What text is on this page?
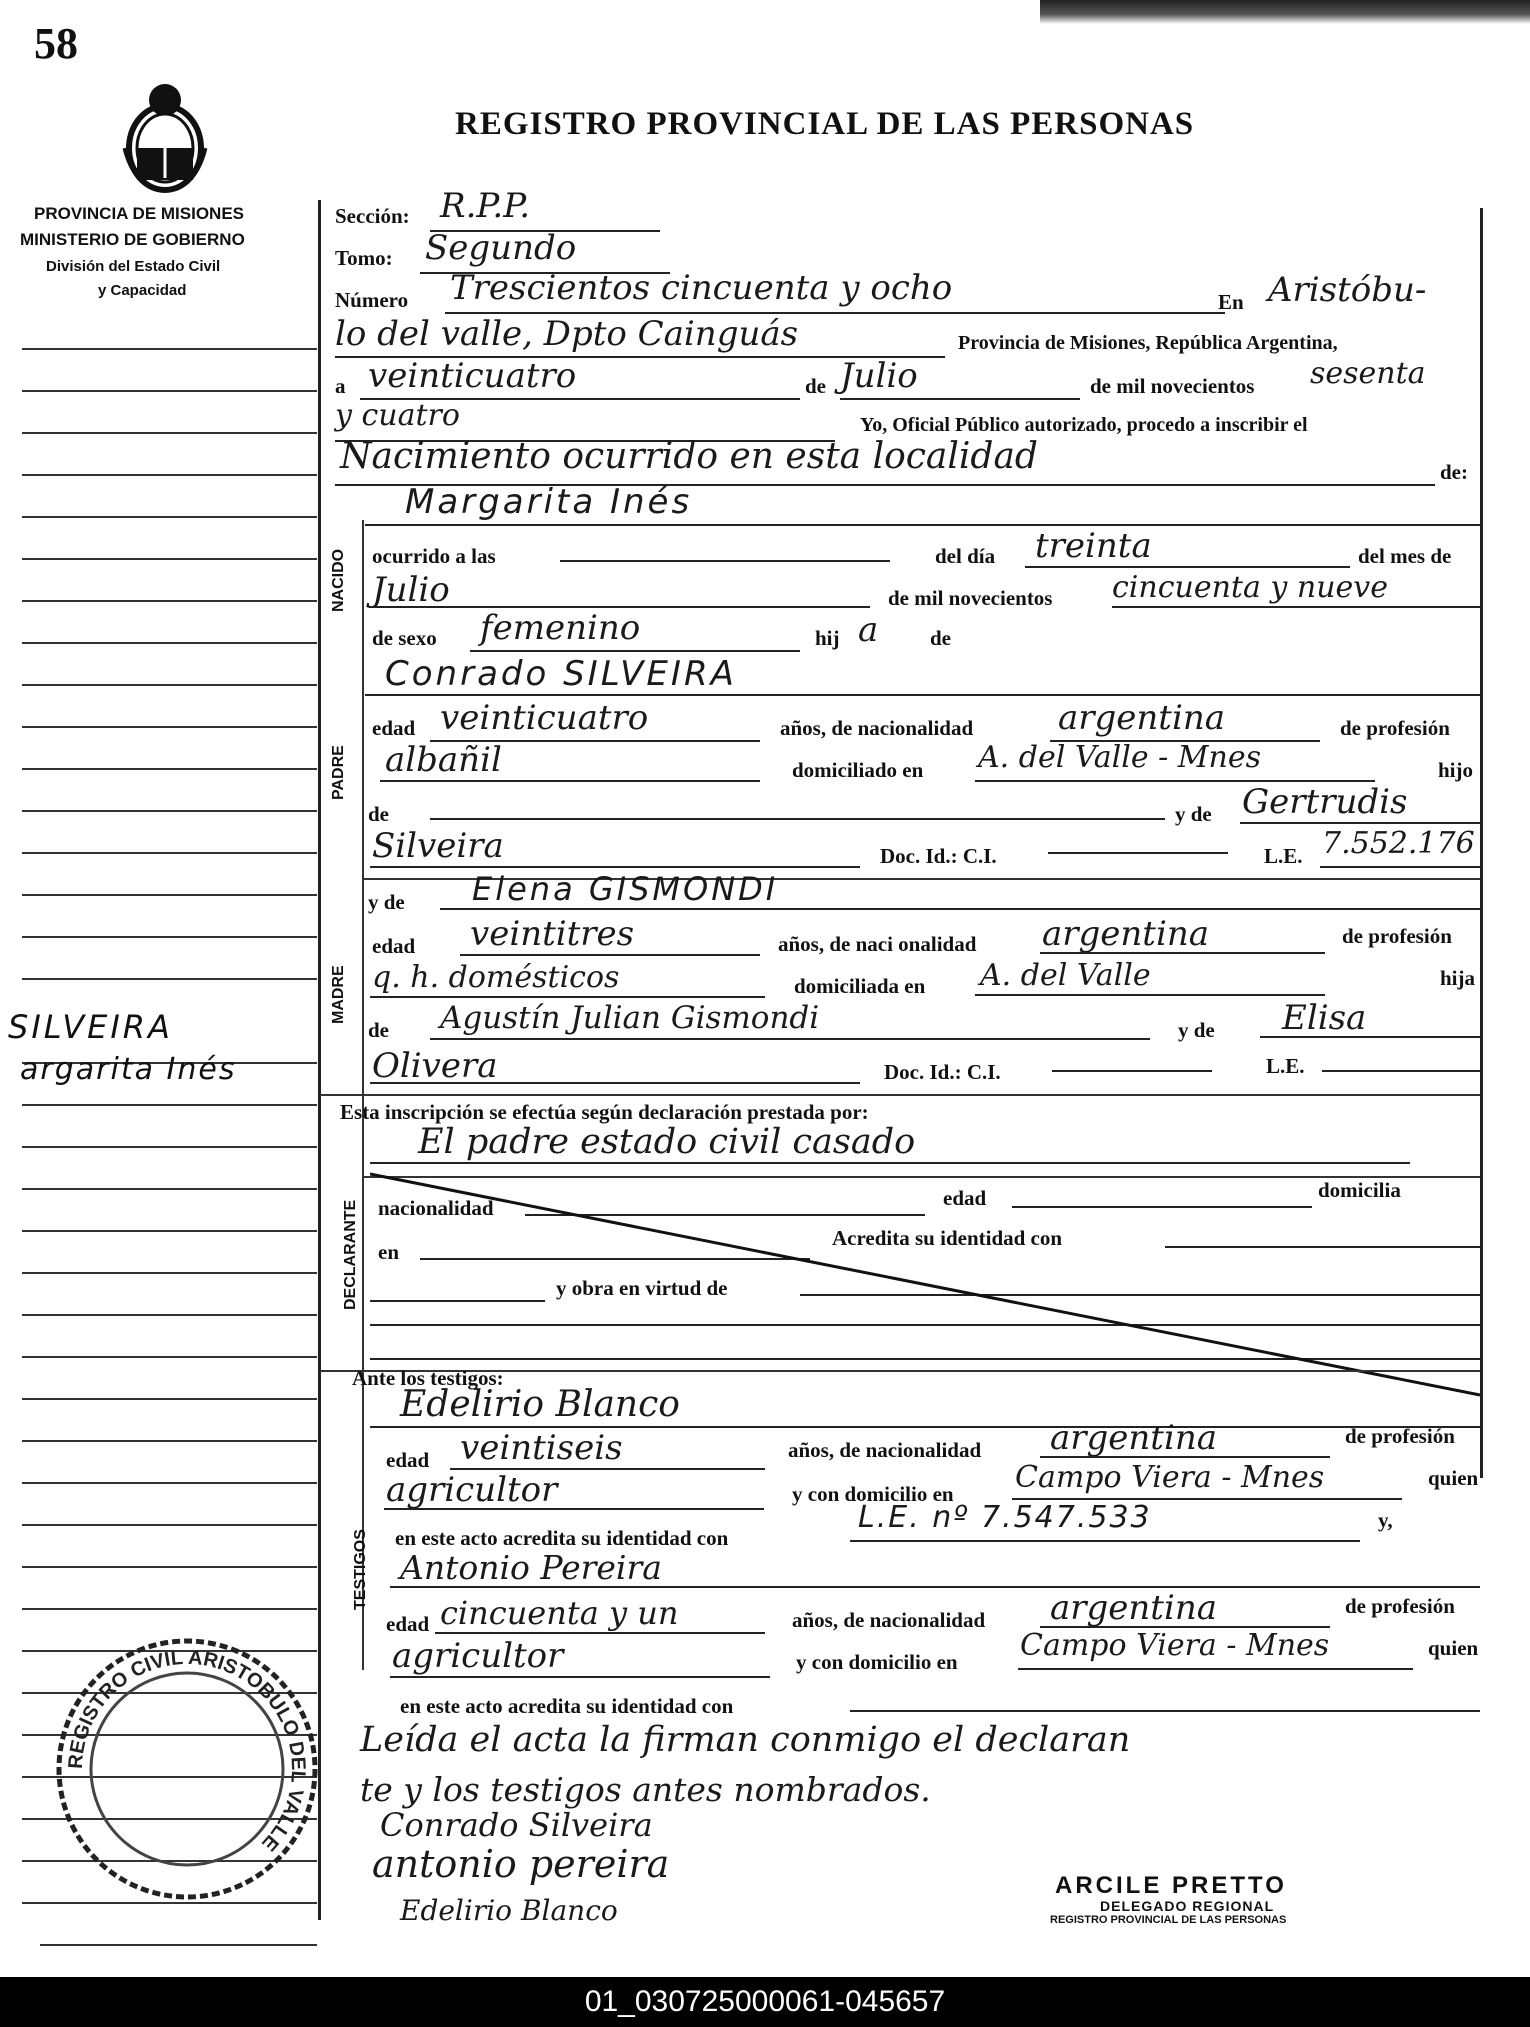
58
REGISTRO PROVINCIAL DE LAS PERSONAS
PROVINCIA DE MISIONES
MINISTERIO DE GOBIERNO
División del Estado Civil
y Capacidad
SILVEIRA
argarita Inés
NACIDO
PADRE
MADRE
DECLARANTE
TESTIGOS
Sección: R.P.P.
Tomo: Segundo
Número Trescientos cincuenta y ocho	En Aristóbu-
lo del valle, Dpto Cainguás	Provincia de Misiones, República Argentina,
a veinticuatro	de Julio	de mil novecientos sesenta
y cuatro	Yo, Oficial Público autorizado, procedo a inscribir el
Nacimiento ocurrido en esta localidad	de:
Margarita Inés
ocurrido a las	del día treinta	del mes de
Julio	de mil novecientos cincuenta y nueve
de sexo femenino	hij a de
Conrado SILVEIRA
edad veinticuatro	años, de nacionalidad argentina	de profesión
albañil	domiciliado en A. del Valle - Mnes	hijo
de	y de Gertrudis
Silveira	Doc. Id.: C.I.	L.E. 7.552.176
y de Elena GISMONDI
edad veintitres	años, de naci onalidad argentina	de profesión
q. h. domésticos	domiciliada en A. del Valle	hija
de Agustín Julian Gismondi	y de Elisa
Olivera	Doc. Id.: C.I.	L.E.
Esta inscripción se efectúa según declaración prestada por:
El padre estado civil casado
nacionalidad	edad	domicilia
en
Acredita su identidad con
y obra en virtud de
Ante los testigos:
Edelirio Blanco
edad veintiseis	años, de nacionalidad argentina	de profesión
agricultor	y con domicilio en Campo Viera - Mnes	quien
en este acto acredita su identidad con
L.E. nº 7.547.533	y,
Antonio Pereira
edad cincuenta y un	años, de nacionalidad argentina	de profesión
agricultor	y con domicilio en Campo Viera - Mnes	quien
en este acto acredita su identidad con
Leída el acta la firman conmigo el declaran
te y los testigos antes nombrados.
Conrado Silveira
antonio pereira
Edelirio Blanco
ARCILE PRETTO
DELEGADO REGIONAL
REGISTRO PROVINCIAL DE LAS PERSONAS
REGISTRO CIVIL ARISTOBULO DEL VALLE
01_030725000061-045657
